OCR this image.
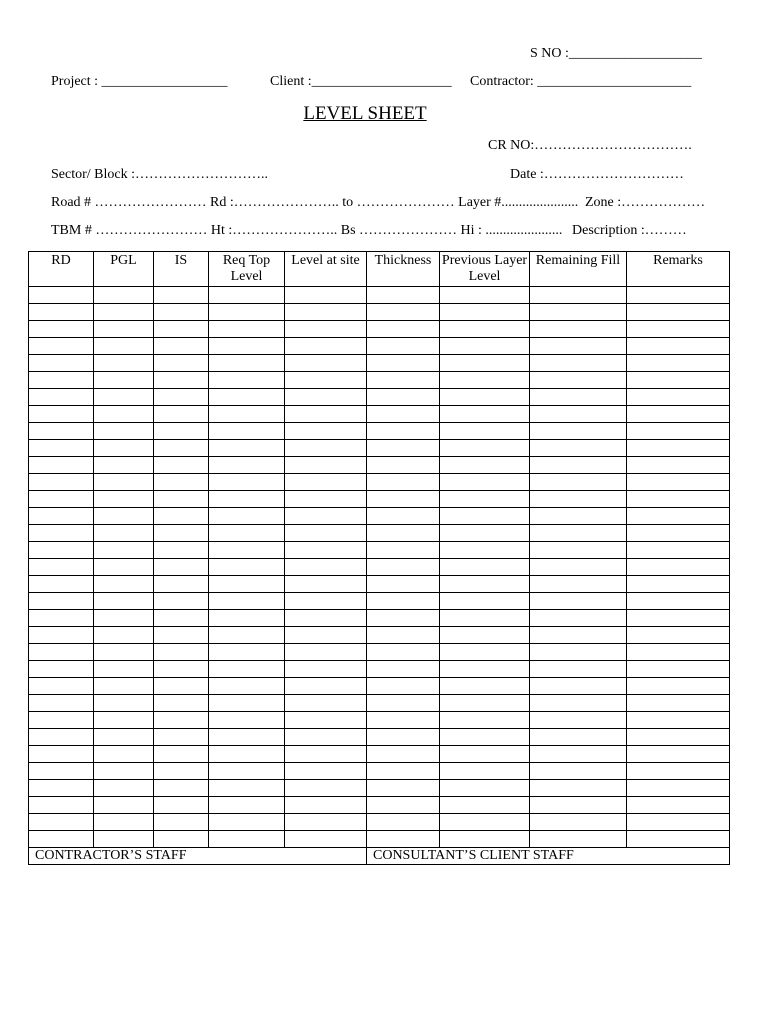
S NO :___________________
Project : __________________	Client :____________________ Contractor: ______________________
LEVEL SHEET
CR NO:…………………………….
Sector/ Block :………………………..	Date :…………………………
Road # …………………… Rd :………………….. to ………………… Layer #...................... Zone :………………
TBM # …………………… Ht :………………….. Bs ………………… Hi : ...................... Description :………
RD	PGL	IS	Req Top Level	Level at site	Thickness	Previous Layer Level	Remaining Fill	Remarks

CONTRACTOR’S STAFF					CONSULTANT’S CLIENT STAFF			
